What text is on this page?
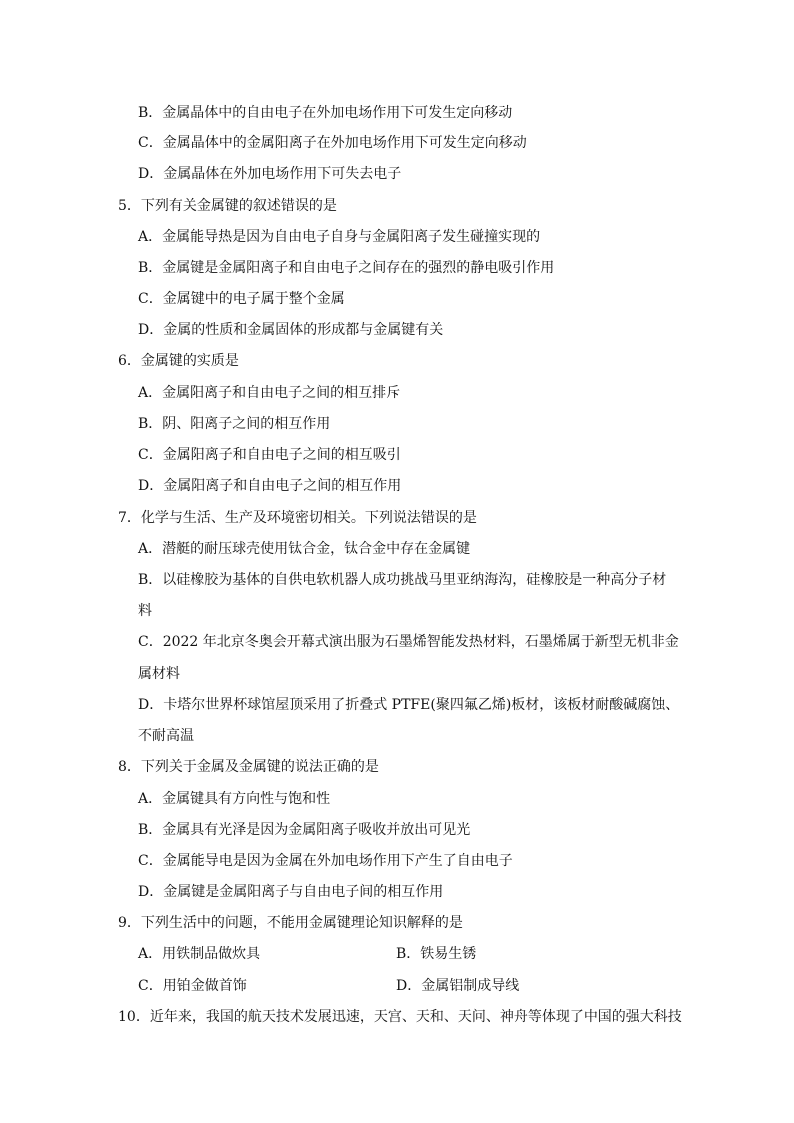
B．金属晶体中的自由电子在外加电场作用下可发生定向移动
C．金属晶体中的金属阳离子在外加电场作用下可发生定向移动
D．金属晶体在外加电场作用下可失去电子
5．下列有关金属键的叙述错误的是
A．金属能导热是因为自由电子自身与金属阳离子发生碰撞实现的
B．金属键是金属阳离子和自由电子之间存在的强烈的静电吸引作用
C．金属键中的电子属于整个金属
D．金属的性质和金属固体的形成都与金属键有关
6．金属键的实质是
A．金属阳离子和自由电子之间的相互排斥
B．阴、阳离子之间的相互作用
C．金属阳离子和自由电子之间的相互吸引
D．金属阳离子和自由电子之间的相互作用
7．化学与生活、生产及环境密切相关。下列说法错误的是
A．潜艇的耐压球壳使用钛合金，钛合金中存在金属键
B．以硅橡胶为基体的自供电软机器人成功挑战马里亚纳海沟，硅橡胶是一种高分子材
料
C．2022 年北京冬奥会开幕式演出服为石墨烯智能发热材料，石墨烯属于新型无机非金
属材料
D．卡塔尔世界杯球馆屋顶采用了折叠式 PTFE(聚四氟乙烯)板材，该板材耐酸碱腐蚀、
不耐高温
8．下列关于金属及金属键的说法正确的是
A．金属键具有方向性与饱和性
B．金属具有光泽是因为金属阳离子吸收并放出可见光
C．金属能导电是因为金属在外加电场作用下产生了自由电子
D．金属键是金属阳离子与自由电子间的相互作用
9．下列生活中的问题，不能用金属键理论知识解释的是
A．用铁制品做炊具	B．铁易生锈
C．用铂金做首饰	D．金属铝制成导线
10．近年来，我国的航天技术发展迅速，天宫、天和、天问、神舟等体现了中国的强大科技
